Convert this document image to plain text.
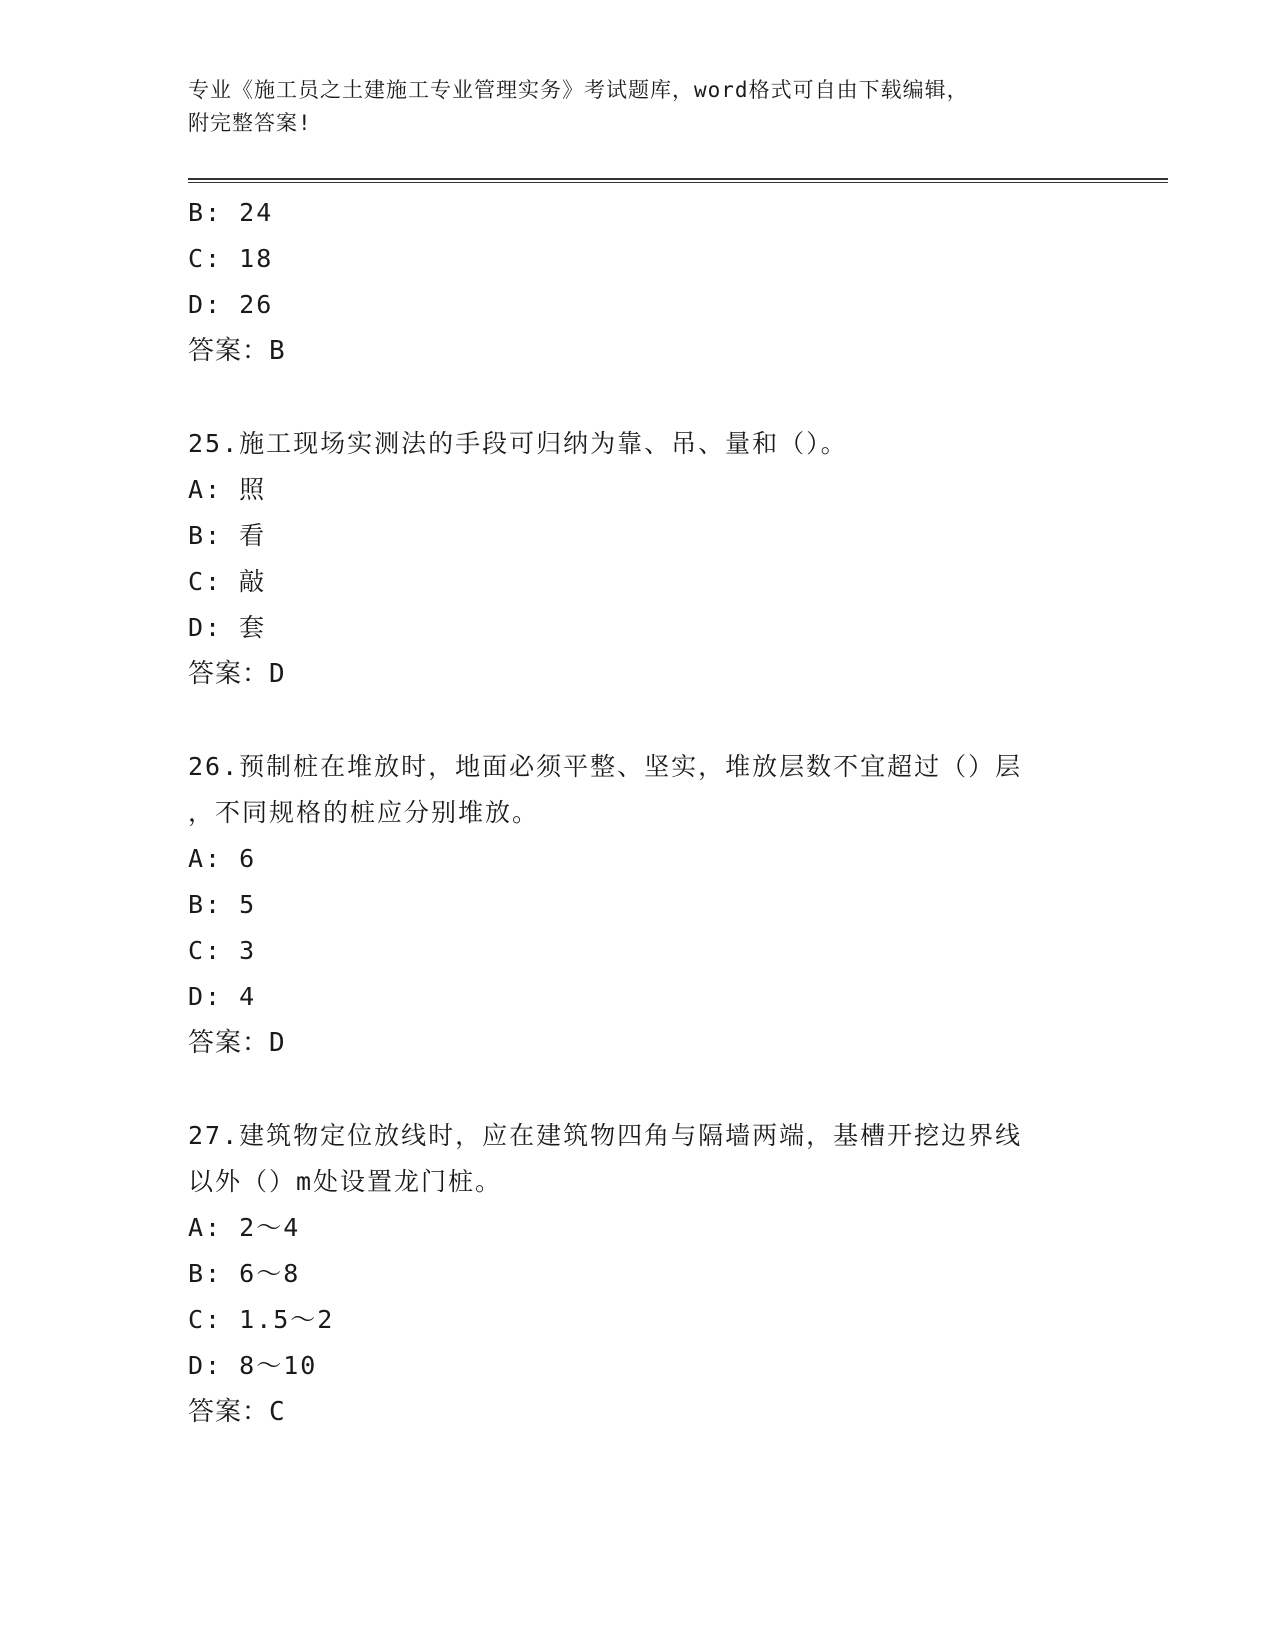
专业《施工员之土建施工专业管理实务》考试题库，word格式可自由下载编辑，
附完整答案!
B: 24
C: 18
D: 26
答案：B
25.施工现场实测法的手段可归纳为靠、吊、量和（）。
A: 照
B: 看
C: 敲
D: 套
答案：D
26.预制桩在堆放时，地面必须平整、坚实，堆放层数不宜超过（）层
，不同规格的桩应分别堆放。
A: 6
B: 5
C: 3
D: 4
答案：D
27.建筑物定位放线时，应在建筑物四角与隔墙两端，基槽开挖边界线
以外（）m处设置龙门桩。
A: 2～4
B: 6～8
C: 1.5～2
D: 8～10
答案：C
